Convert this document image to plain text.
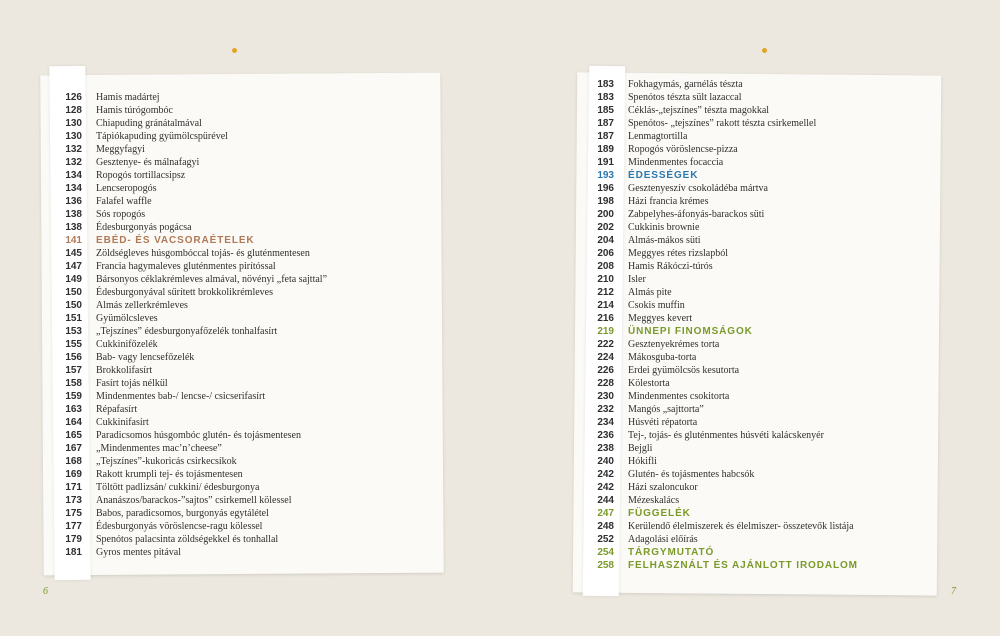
126 Hamis madártej
128 Hamis túrógombóc
130 Chiapuding gránátalmával
130 Tápiókapuding gyümölcspürével
132 Meggyfagyi
132 Gesztenye- és málnafagyi
134 Ropogós tortillacsipsz
134 Lencseropogós
136 Falafel waffle
138 Sós ropogós
138 Édesburgonyás pogácsa
141 EBÉD- ÉS VACSORAÉTELEK
145 Zöldségleves húsgombóccal tojás- és gluténmentesen
147 Francia hagymaleves gluténmentes pirítóssal
149 Bársonyos céklakrémleves almával, növényi „feta sajttal”
150 Édesburgonyával sűrített brokkolikrémleves
150 Almás zellerkrémleves
151 Gyümölcsleves
153 „Tejszínes” édesburgonyafőzelék tonhalfasírt
155 Cukkinifőzelék
156 Bab- vagy lencsefőzelék
157 Brokkolifasírt
158 Fasírt tojás nélkül
159 Mindenmentes bab-/ lencse-/ csicserifasírt
163 Répafasírt
164 Cukkinifasírt
165 Paradicsomos húsgombóc glutén- és tojásmentesen
167 „Mindenmentes mac’n’cheese”
168 „Tejszínes”-kukoricás csirkecsíkok
169 Rakott krumpli tej- és tojásmentesen
171 Töltött padlizsán/ cukkini/ édesburgonya
173 Ananászos/barackos-”sajtos” csirkemell kölessel
175 Babos, paradicsomos, burgonyás egytálétel
177 Édesburgonyás vöröslencse-ragu kölessel
179 Spenótos palacsinta zöldségekkel és tonhallal
181 Gyros mentes pitával
183 Fokhagymás, garnélás tészta
183 Spenótos tészta sült lazaccal
185 Céklás-„tejszínes” tészta magokkal
187 Spenótos- „tejszínes” rakott tészta csirkemellel
187 Lenmagtortilla
189 Ropogós vöröslencse-pizza
191 Mindenmentes focaccia
193 ÉDESSÉGEK
196 Gesztenyeszív csokoládéba mártva
198 Házi francia krémes
200 Zabpelyhes-áfonyás-barackos süti
202 Cukkinis brownie
204 Almás-mákos süti
206 Meggyes rétes rizslapból
208 Hamis Rákóczi-túrós
210 Isler
212 Almás pite
214 Csokis muffin
216 Meggyes kevert
219 ÜNNEPI FINOMSÁGOK
222 Gesztenyekrémes torta
224 Mákosguba-torta
226 Erdei gyümölcsös kesutorta
228 Kölestorta
230 Mindenmentes csokitorta
232 Mangós „sajttorta”
234 Húsvéti répatorta
236 Tej-, tojás- és gluténmentes húsvéti kalácskenyér
238 Bejgli
240 Hókifli
242 Glutén- és tojásmentes habcsók
242 Házi szaloncukor
244 Mézeskalács
247 FÜGGELÉK
248 Kerülendő élelmiszerek és élelmiszer- összetevők listája
252 Adagolási előírás
254 TÁRGYMUTATÓ
258 FELHASZNÁLT ÉS AJÁNLOTT IRODALOM
6	7
